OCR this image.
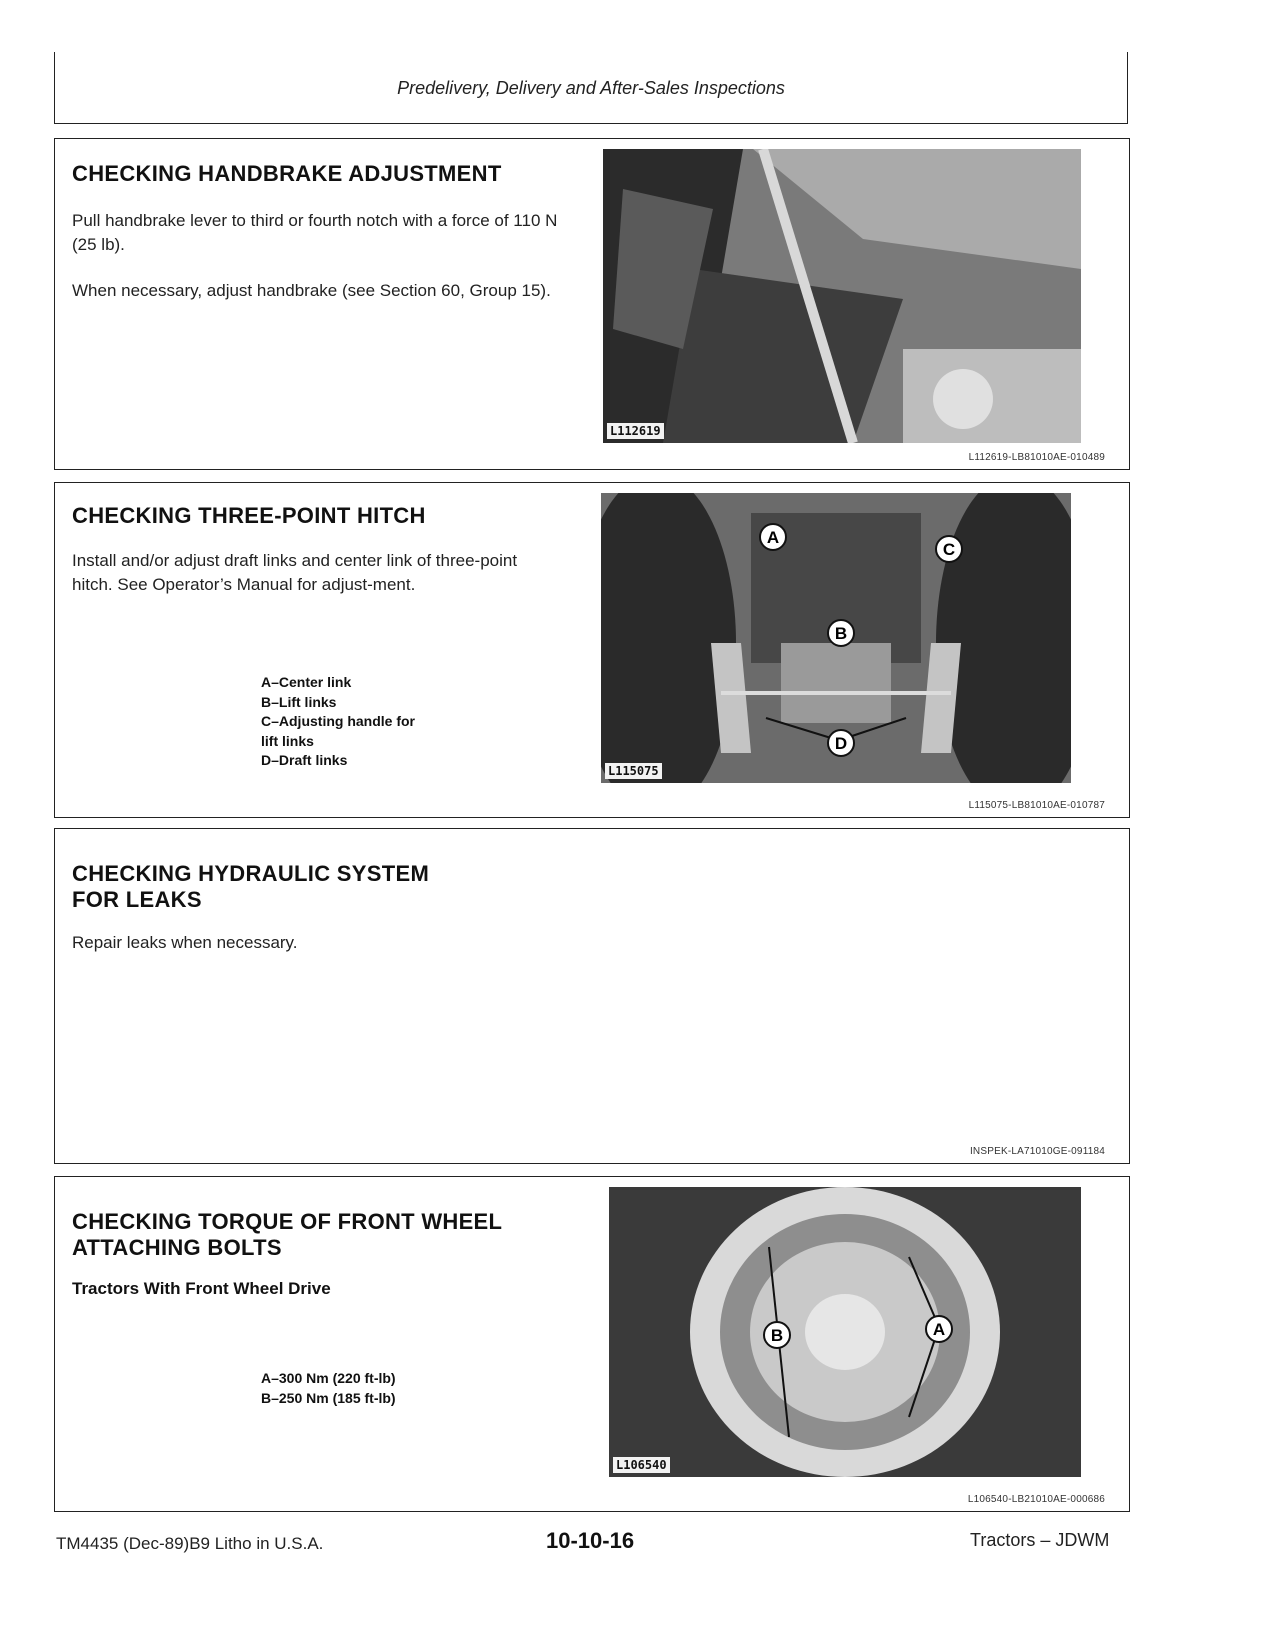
Predelivery, Delivery and After-Sales Inspections
CHECKING HANDBRAKE ADJUSTMENT

Pull handbrake lever to third or fourth notch with a force of 110 N (25 lb).

When necessary, adjust handbrake (see Section 60, Group 15).

L112619
L112619-LB81010AE-010489
CHECKING THREE-POINT HITCH

Install and/or adjust draft links and center link of three-point hitch. See Operator’s Manual for adjust-ment.

A–Center link
B–Lift links
C–Adjusting handle for
lift links
D–Draft links
A
B
C
D
L115075
L115075-LB81010AE-010787
CHECKING HYDRAULIC SYSTEM
FOR LEAKS

Repair leaks when necessary.

INSPEK-LA71010GE-091184
CHECKING TORQUE OF FRONT WHEEL
ATTACHING BOLTS

Tractors With Front Wheel Drive

A–300 Nm (220 ft-lb)
B–250 Nm (185 ft-lb)
A
B
L106540
L106540-LB21010AE-000686
TM4435 (Dec-89)B9 Litho in U.S.A.	10-10-16	Tractors – JDWM
